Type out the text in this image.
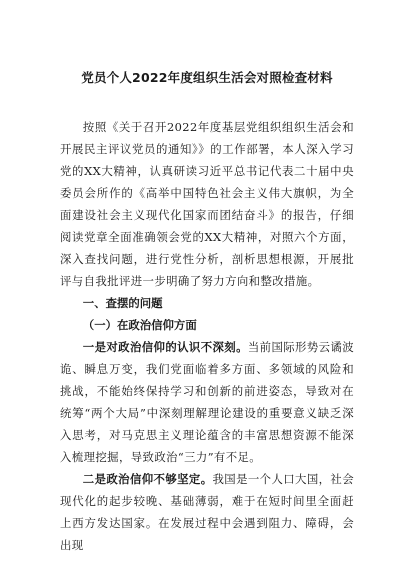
党员个人2022年度组织生活会对照检查材料

按照《关于召开2022年度基层党组织组织生活会和开展民主评议党员的通知》》的工作部署，本人深入学习党的XX大精神，认真研读习近平总书记代表二十届中央委员会所作的《高举中国特色社会主义伟大旗帜，为全面建设社会主义现代化国家而团结奋斗》的报告，仔细阅读党章全面准确领会党的XX大精神，对照六个方面，深入查找问题，进行党性分析，剖析思想根源，开展批评与自我批评进一步明确了努力方向和整改措施。

一、查摆的问题

（一）在政治信仰方面

一是对政治信仰的认识不深刻。当前国际形势云谲波诡、瞬息万变，我们党面临着多方面、多领域的风险和挑战，不能始终保持学习和创新的前进姿态，导致对在统筹“两个大局”中深刻理解理论建设的重要意义缺乏深入思考，对马克思主义理论蕴含的丰富思想资源不能深入梳理挖掘，导致政治“三力”有不足。

二是政治信仰不够坚定。我国是一个人口大国，社会现代化的起步较晚、基础薄弱，难于在短时间里全面赶上西方发达国家。在发展过程中会遇到阻力、障碍，会出现
